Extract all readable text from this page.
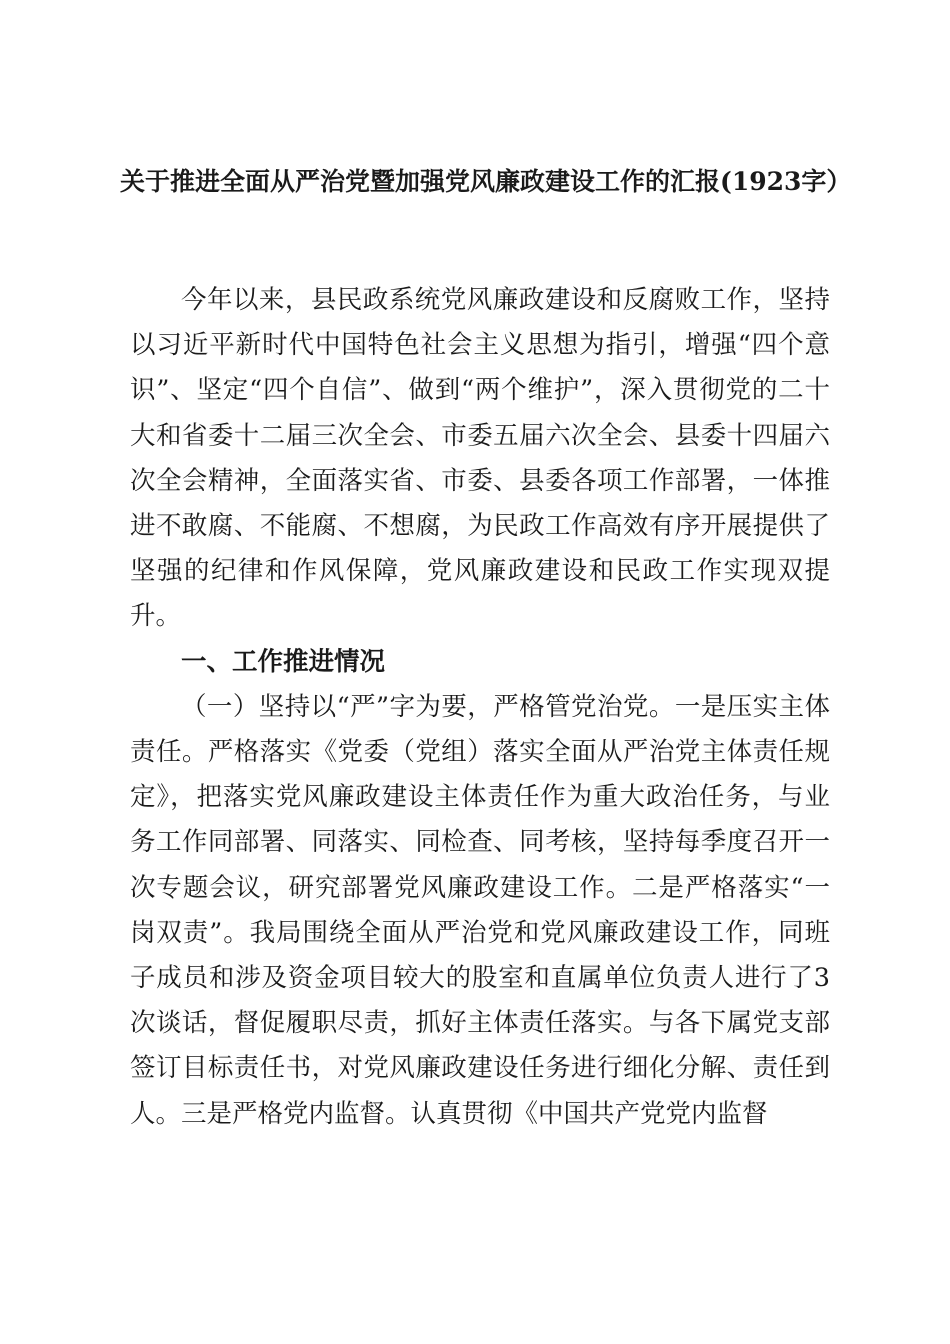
关于推进全面从严治党暨加强党风廉政建设工作的汇报(1923字）

今年以来，县民政系统党风廉政建设和反腐败工作，坚持以习近平新时代中国特色社会主义思想为指引，增强“四个意识”、坚定“四个自信”、做到“两个维护”，深入贯彻党的二十大和省委十二届三次全会、市委五届六次全会、县委十四届六次全会精神，全面落实省、市委、县委各项工作部署，一体推进不敢腐、不能腐、不想腐，为民政工作高效有序开展提供了坚强的纪律和作风保障，党风廉政建设和民政工作实现双提升。

一、工作推进情况

（一）坚持以“严”字为要，严格管党治党。一是压实主体责任。严格落实《党委（党组）落实全面从严治党主体责任规定》，把落实党风廉政建设主体责任作为重大政治任务，与业务工作同部署、同落实、同检查、同考核，坚持每季度召开一次专题会议，研究部署党风廉政建设工作。二是严格落实“一岗双责”。我局围绕全面从严治党和党风廉政建设工作，同班子成员和涉及资金项目较大的股室和直属单位负责人进行了3次谈话，督促履职尽责，抓好主体责任落实。与各下属党支部签订目标责任书，对党风廉政建设任务进行细化分解、责任到人。三是严格党内监督。认真贯彻《中国共产党党内监督
